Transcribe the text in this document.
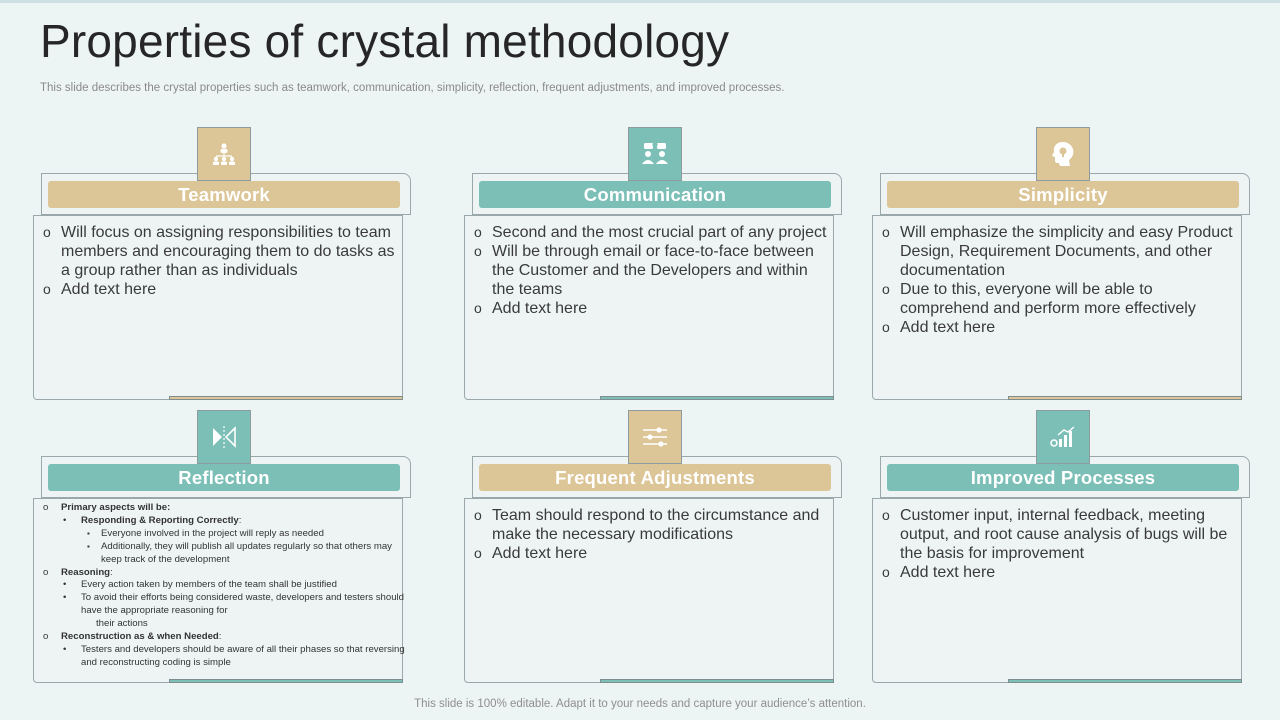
Properties of crystal methodology
This slide describes the crystal properties such as teamwork, communication, simplicity, reflection, frequent adjustments, and improved processes.
Teamwork
o Will focus on assigning responsibilities to team members and encouraging them to do tasks as a group rather than as individuals
o Add text here
Communication
o Second and the most crucial part of any project
o Will be through email or face-to-face between the Customer and the Developers and within the teams
o Add text here
Simplicity
o Will emphasize the simplicity and easy Product Design, Requirement Documents, and other documentation
o Due to this, everyone will be able to comprehend and perform more effectively
o Add text here
Reflection
o Primary aspects will be:
• Responding & Reporting Correctly:
▪ Everyone involved in the project will reply as needed
▪ Additionally, they will publish all updates regularly so that others may keep track of the development
o Reasoning:
• Every action taken by members of the team shall be justified
• To avoid their efforts being considered waste, developers and testers should have the appropriate reasoning for
their actions
o Reconstruction as & when Needed:
• Testers and developers should be aware of all their phases so that reversing and reconstructing coding is simple
Frequent Adjustments
o Team should respond to the circumstance and make the necessary modifications
o Add text here
Improved Processes
o Customer input, internal feedback, meeting output, and root cause analysis of bugs will be the basis for improvement
o Add text here
This slide is 100% editable. Adapt it to your needs and capture your audience’s attention.
